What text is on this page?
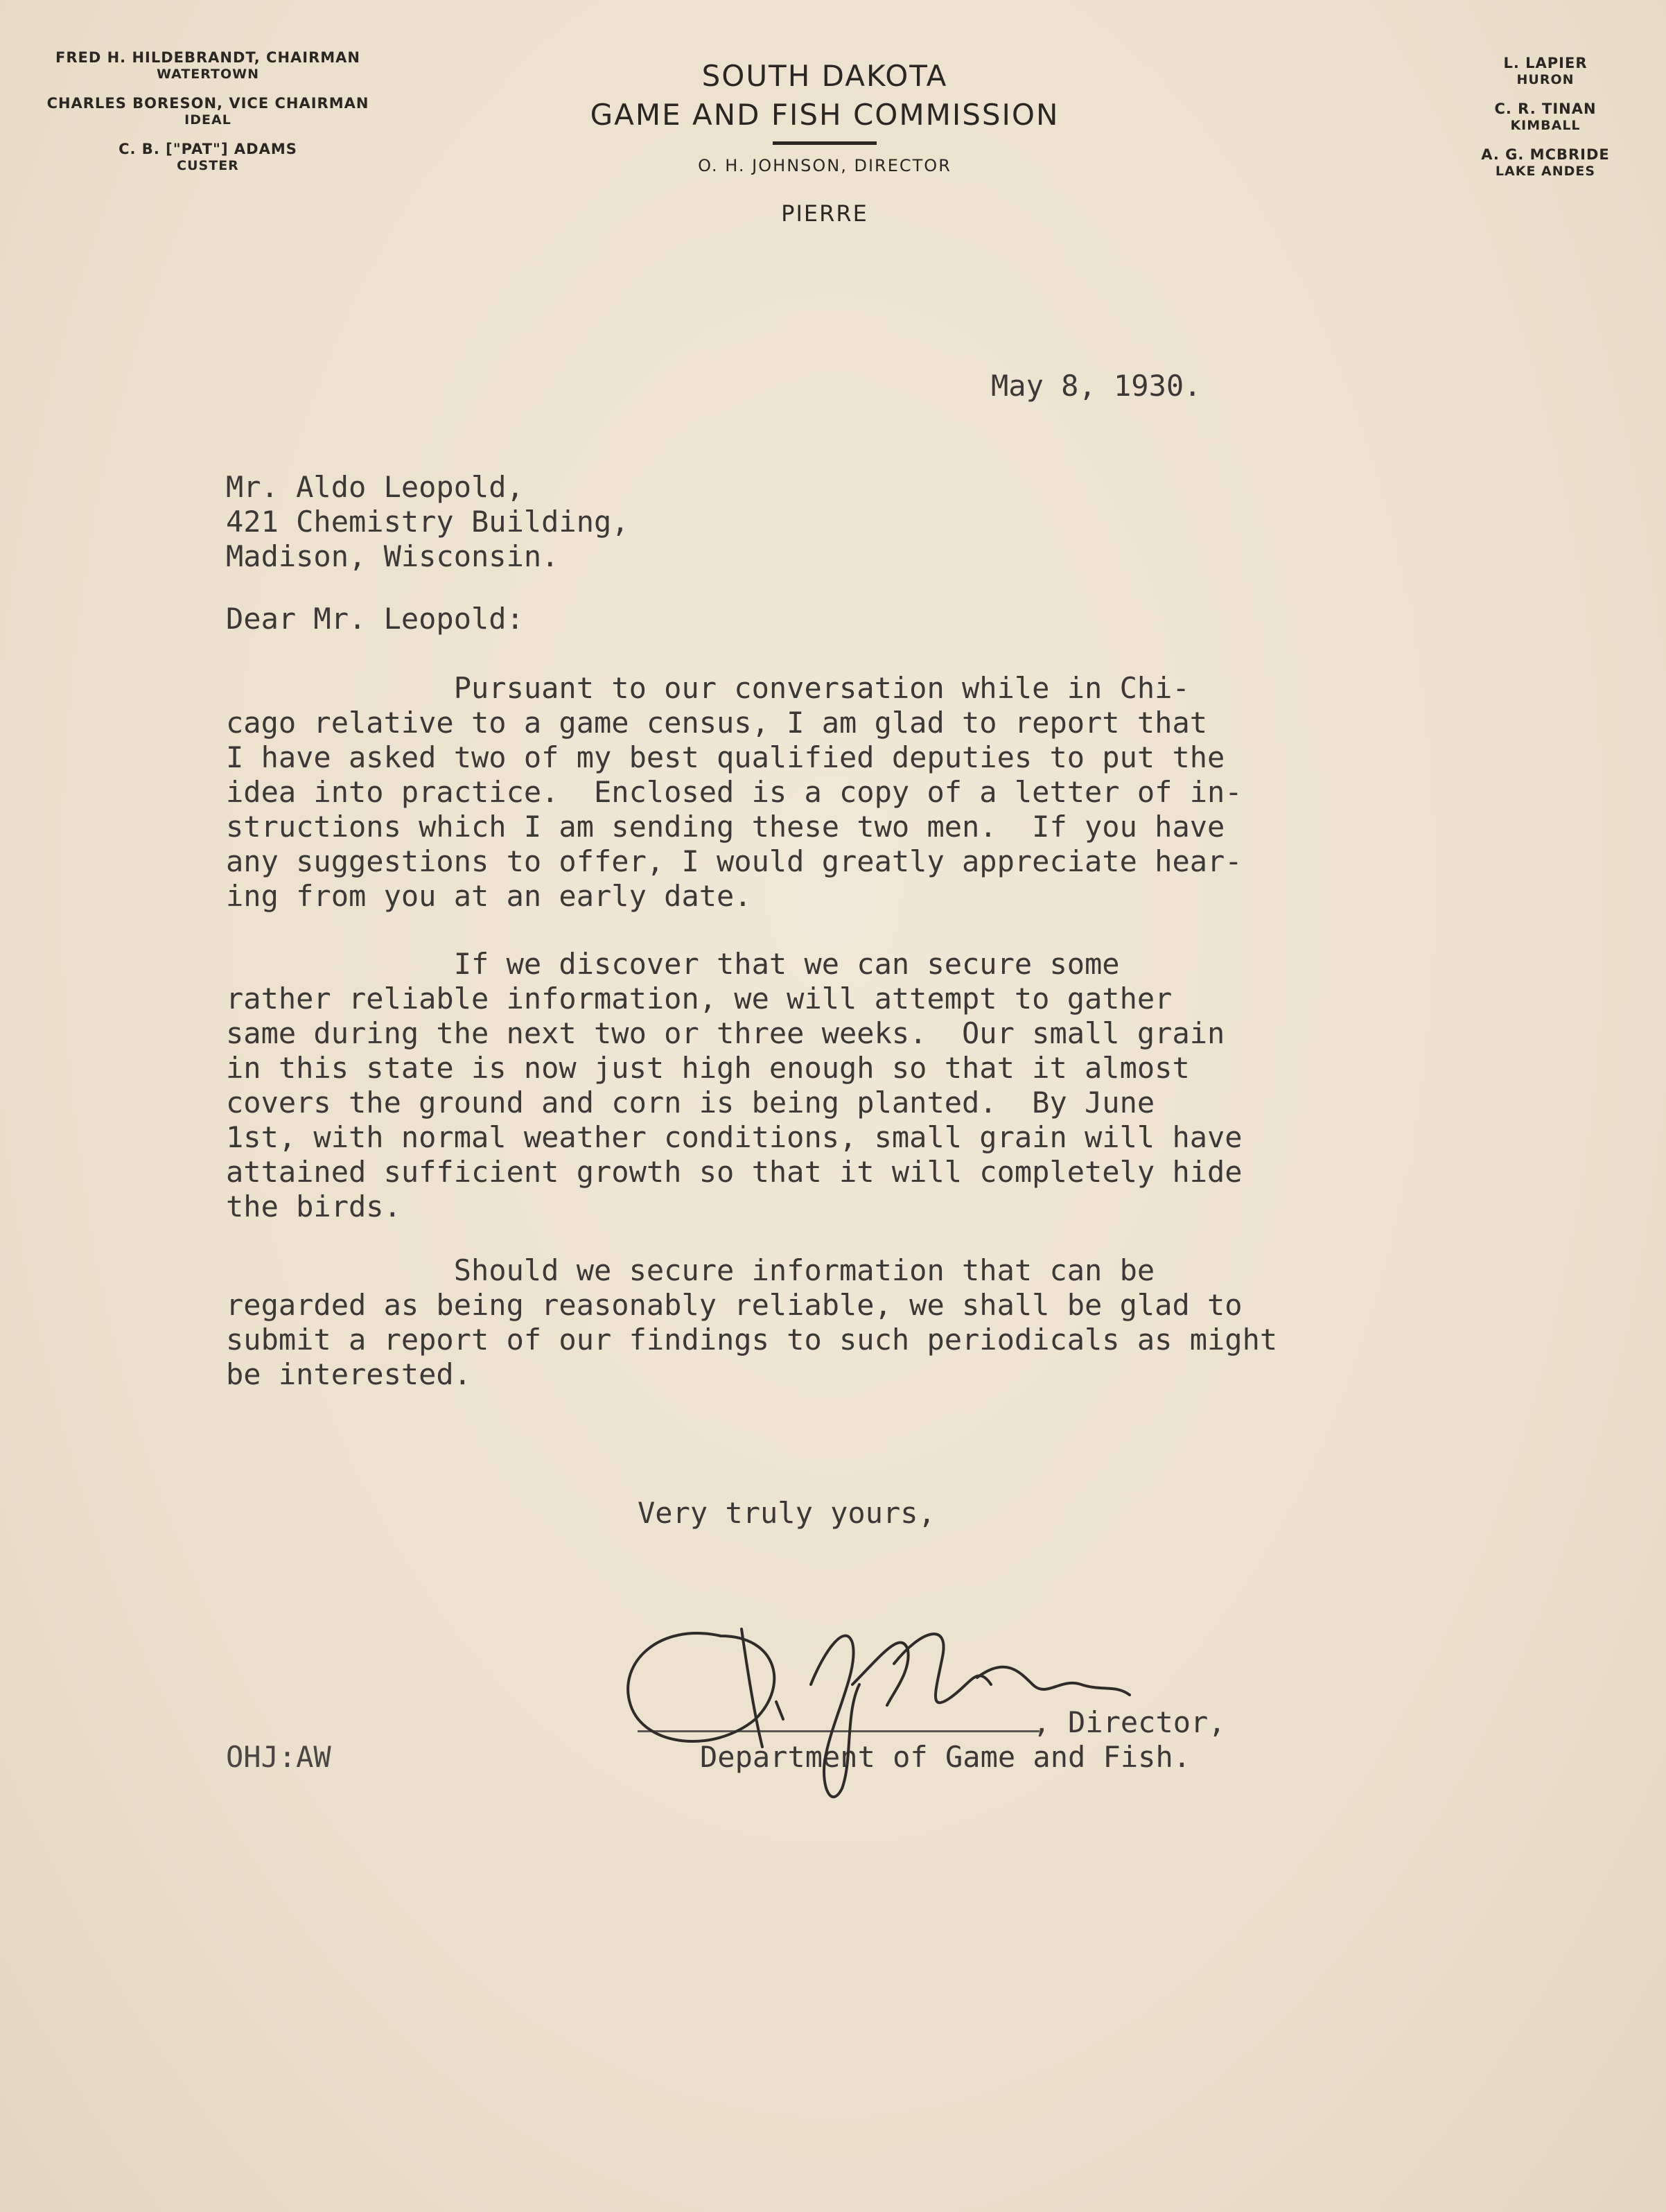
FRED H. HILDEBRANDT, CHAIRMAN
WATERTOWN
CHARLES BORESON, VICE CHAIRMAN
IDEAL
C. B. ["PAT"] ADAMS
CUSTER
SOUTH DAKOTA
GAME AND FISH COMMISSION
O. H. JOHNSON, DIRECTOR
PIERRE
L. LAPIER
HURON
C. R. TINAN
KIMBALL
A. G. MCBRIDE
LAKE ANDES
May 8, 1930.
Mr. Aldo Leopold,
421 Chemistry Building,
Madison, Wisconsin.
Dear Mr. Leopold:
Pursuant to our conversation while in Chi-
cago relative to a game census, I am glad to report that
I have asked two of my best qualified deputies to put the
idea into practice.  Enclosed is a copy of a letter of in-
structions which I am sending these two men.  If you have
any suggestions to offer, I would greatly appreciate hear-
ing from you at an early date.
If we discover that we can secure some
rather reliable information, we will attempt to gather
same during the next two or three weeks.  Our small grain
in this state is now just high enough so that it almost
covers the ground and corn is being planted.  By June
1st, with normal weather conditions, small grain will have
attained sufficient growth so that it will completely hide
the birds.
Should we secure information that can be
regarded as being reasonably reliable, we shall be glad to
submit a report of our findings to such periodicals as might
be interested.
Very truly yours,
, Director,
Department of Game and Fish.
OHJ:AW
